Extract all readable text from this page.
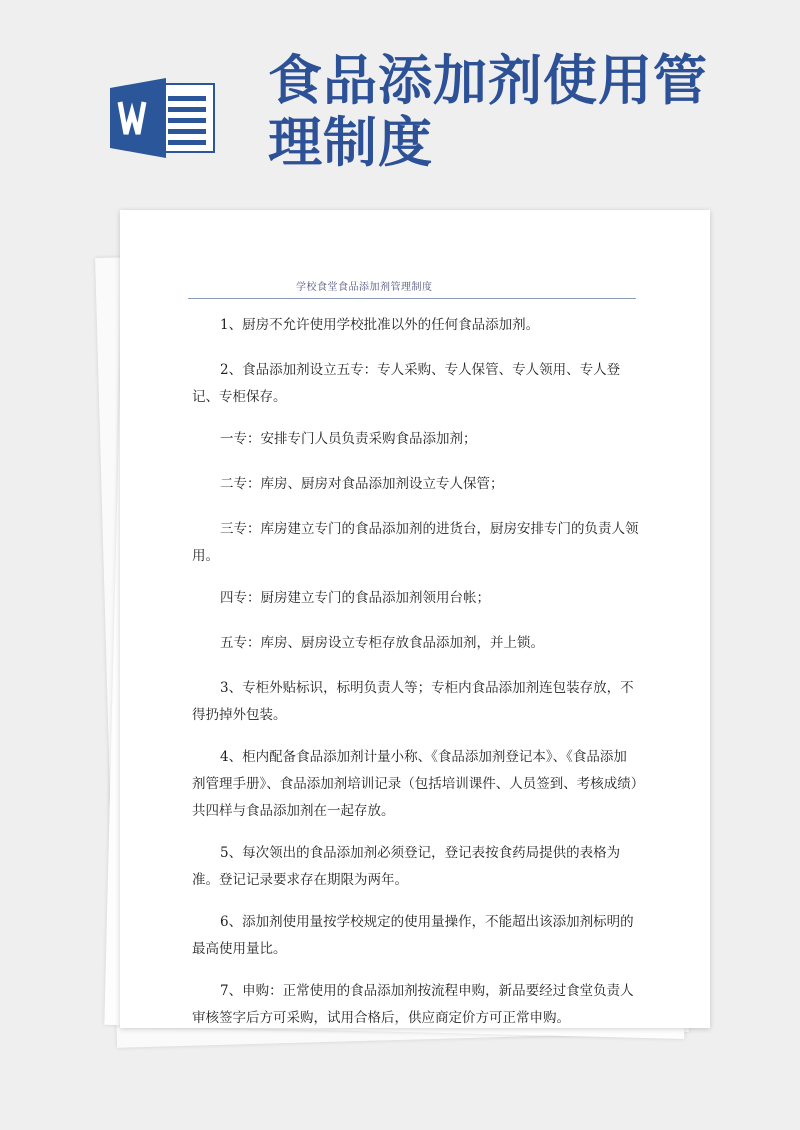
食品添加剂使用管理制度
学校食堂食品添加剂管理制度

1、厨房不允许使用学校批准以外的任何食品添加剂。

2、食品添加剂设立五专：专人采购、专人保管、专人领用、专人登记、专柜保存。

一专：安排专门人员负责采购食品添加剂；

二专：库房、厨房对食品添加剂设立专人保管；

三专：库房建立专门的食品添加剂的进货台，厨房安排专门的负责人领用。

四专：厨房建立专门的食品添加剂领用台帐；

五专：库房、厨房设立专柜存放食品添加剂，并上锁。

3、专柜外贴标识，标明负责人等；专柜内食品添加剂连包装存放，不得扔掉外包装。

4、柜内配备食品添加剂计量小称、《食品添加剂登记本》、《食品添加剂管理手册》、食品添加剂培训记录（包括培训课件、人员签到、考核成绩）共四样与食品添加剂在一起存放。

5、每次领出的食品添加剂必须登记，登记表按食药局提供的表格为准。登记记录要求存在期限为两年。

6、添加剂使用量按学校规定的使用量操作，不能超出该添加剂标明的最高使用量比。

7、申购：正常使用的食品添加剂按流程申购，新品要经过食堂负责人审核签字后方可采购，试用合格后，供应商定价方可正常申购。
